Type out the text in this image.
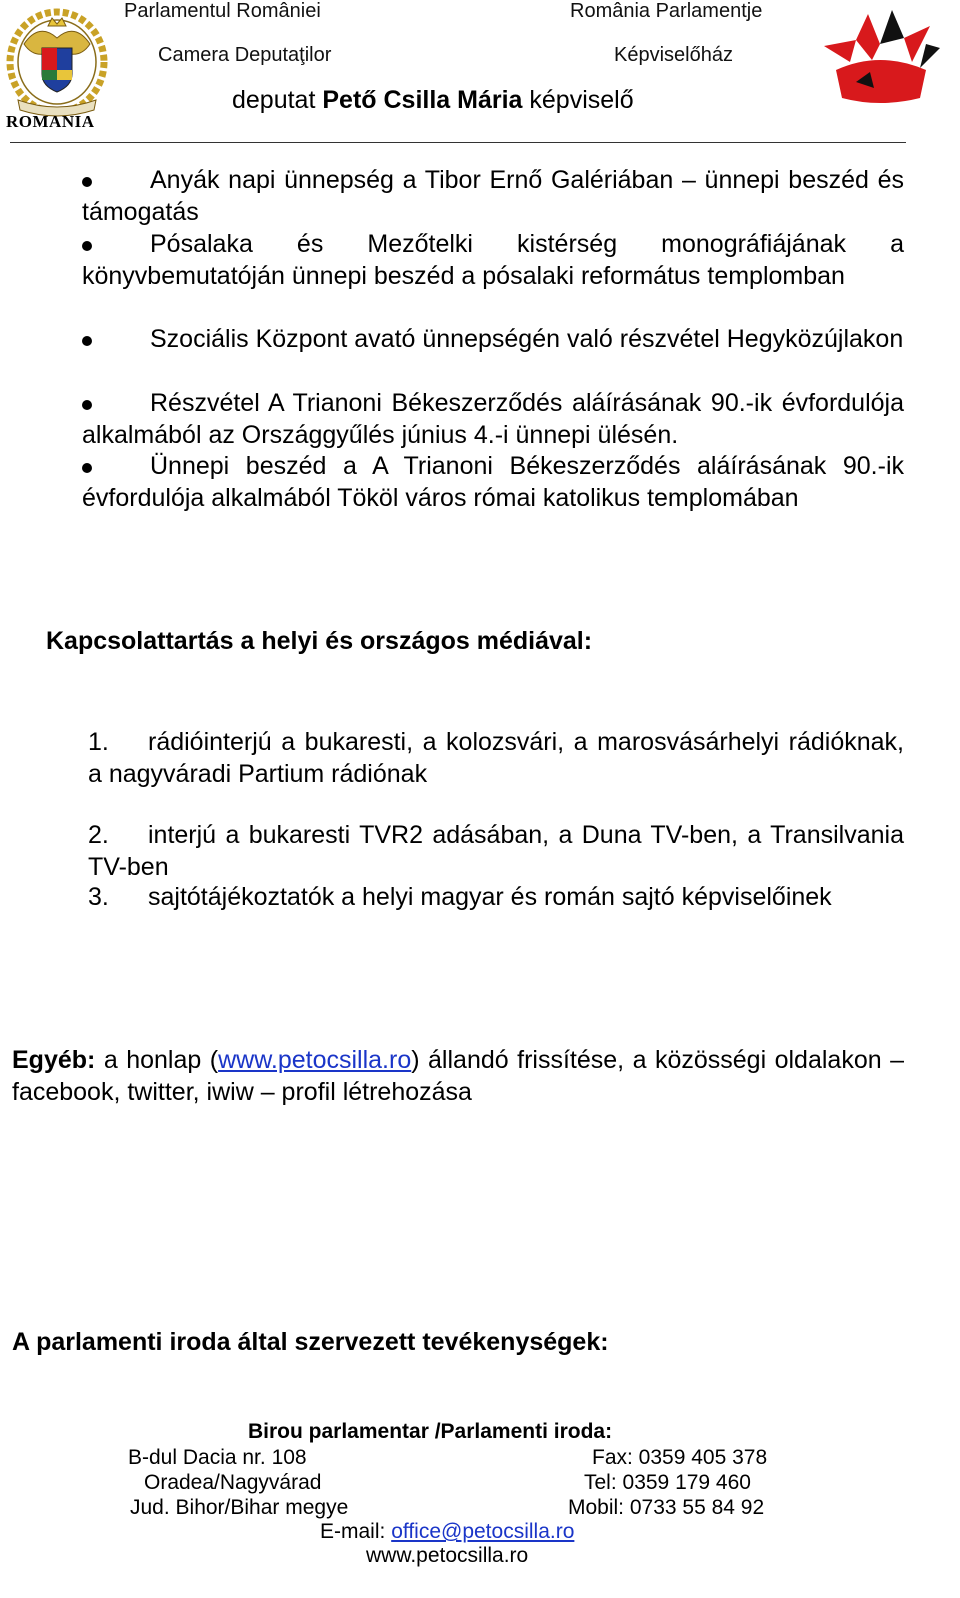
ROMANIA
Parlamentul României
Camera Deputaţilor
România Parlamentje
Képviselőház
deputat Pető Csilla Mária képviselő
Anyák napi ünnepség a Tibor Ernő Galériában – ünnepi beszéd és támogatás
Pósalaka és Mezőtelki kistérség monográfiájának a könyvbemutatóján ünnepi beszéd a pósalaki református templomban
Szociális Központ avató ünnepségén való részvétel Hegyközújlakon
Részvétel A Trianoni Békeszerződés aláírásának 90.-ik évfordulója alkalmából az Országgyűlés június 4.-i ünnepi ülésén.
Ünnepi beszéd a A Trianoni Békeszerződés aláírásának 90.-ik évfordulója alkalmából Tököl város római katolikus templomában
Kapcsolattartás a helyi és országos médiával:
1. rádióinterjú a bukaresti, a kolozsvári, a marosvásárhelyi rádióknak, a nagyváradi Partium rádiónak
2. interjú a bukaresti TVR2 adásában, a Duna TV-ben, a Transilvania TV-ben
3. sajtótájékoztatók a helyi magyar és román sajtó képviselőinek
Egyéb: a honlap (www.petocsilla.ro) állandó frissítése, a közösségi oldalakon – facebook, twitter, iwiw – profil létrehozása
A parlamenti iroda által szervezett tevékenységek:
Birou parlamentar /Parlamenti iroda:
B-dul Dacia nr. 108
Oradea/Nagyvárad
Jud. Bihor/Bihar megye
Fax: 0359 405 378
Tel: 0359 179 460
Mobil: 0733 55 84 92
E-mail: office@petocsilla.ro
www.petocsilla.ro
